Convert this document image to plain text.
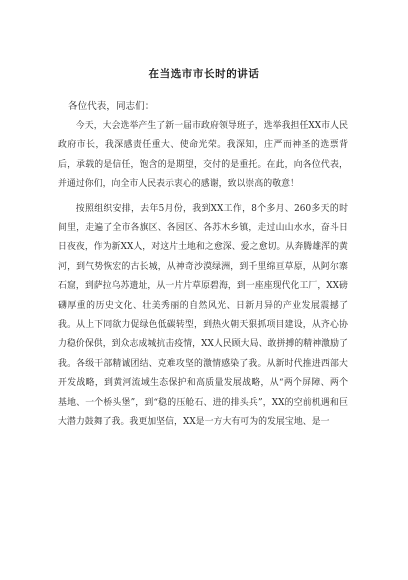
在当选市市长时的讲话

各位代表，同志们：

今天，大会选举产生了新一届市政府领导班子，选举我担任XX市人民政府市长，我深感责任重大、使命光荣。我深知，庄严而神圣的选票背后，承载的是信任，饱含的是期望，交付的是重托。在此，向各位代表，并通过你们，向全市人民表示衷心的感谢，致以崇高的敬意！

按照组织安排，去年5月份，我到XX工作，8个多月、260多天的时间里，走遍了全市各旗区、各园区、各苏木乡镇，走过山山水水，奋斗日日夜夜，作为新XX人，对这片土地和之愈深、爱之愈切。从奔腾雄浑的黄河，到气势恢宏的古长城，从神奇沙漠绿洲，到千里绵亘草原，从阿尔寨石窟，到萨拉乌苏遗址，从一片片草原碧海，到一座座现代化工厂，XX磅礴厚重的历史文化、壮美秀丽的自然风光、日新月异的产业发展震撼了我。从上下同欲力促绿色低碳转型，到热火朝天狠抓项目建设，从齐心协力稳价保供，到众志成城抗击疫情，XX人民顾大局、敢拼搏的精神激励了我。各级干部精诚团结、克难攻坚的激情感染了我。从新时代推进西部大开发战略，到黄河流域生态保护和高质量发展战略，从“两个屏障、两个基地、一个桥头堡”，到“稳的压舱石、进的排头兵”，XX的空前机遇和巨大潜力鼓舞了我。我更加坚信，XX是一方大有可为的发展宝地、是一
